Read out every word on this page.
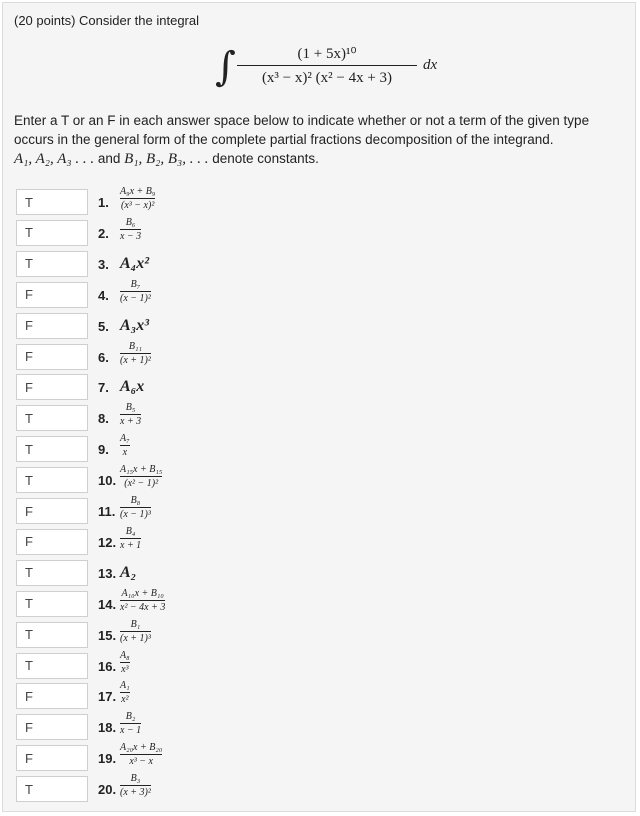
(20 points) Consider the integral
∫	(1 + 5x)¹⁰
(x³ − x)² (x² − 4x + 3)
dx
Enter a T or an F in each answer space below to indicate whether or not a term of the given type occurs in the general form of the complete partial fractions decomposition of the integrand.
A₁, A₂, A₃ . . . and B₁, B₂, B₃, . . . denote constants.
T
1.
A₉x + B₉
(x³ − x)²
T
2.
B₆
x − 3
T
3. A₄x²
F
4.
B₇
(x − 1)²
F
5. A₃x³
F
6.
B₁₁
(x + 1)²
F
7. A₆x
T
8.
B₅
x + 3
T
9.
A₇
x
T
10.
A₁₅x + B₁₅
(x² − 1)²
F
11.
B₈
(x − 1)³
F
12.
B₄
x + 1
T
13. A₂
T
14.
A₁₀x + B₁₀
x² − 4x + 3
T
15.
B₁
(x + 1)³
T
16.
A₈
x³
F
17.
A₁
x²
F
18.
B₂
x − 1
F
19.
A₂₀x + B₂₀
x³ − x
T
20.
B₃
(x + 3)²
